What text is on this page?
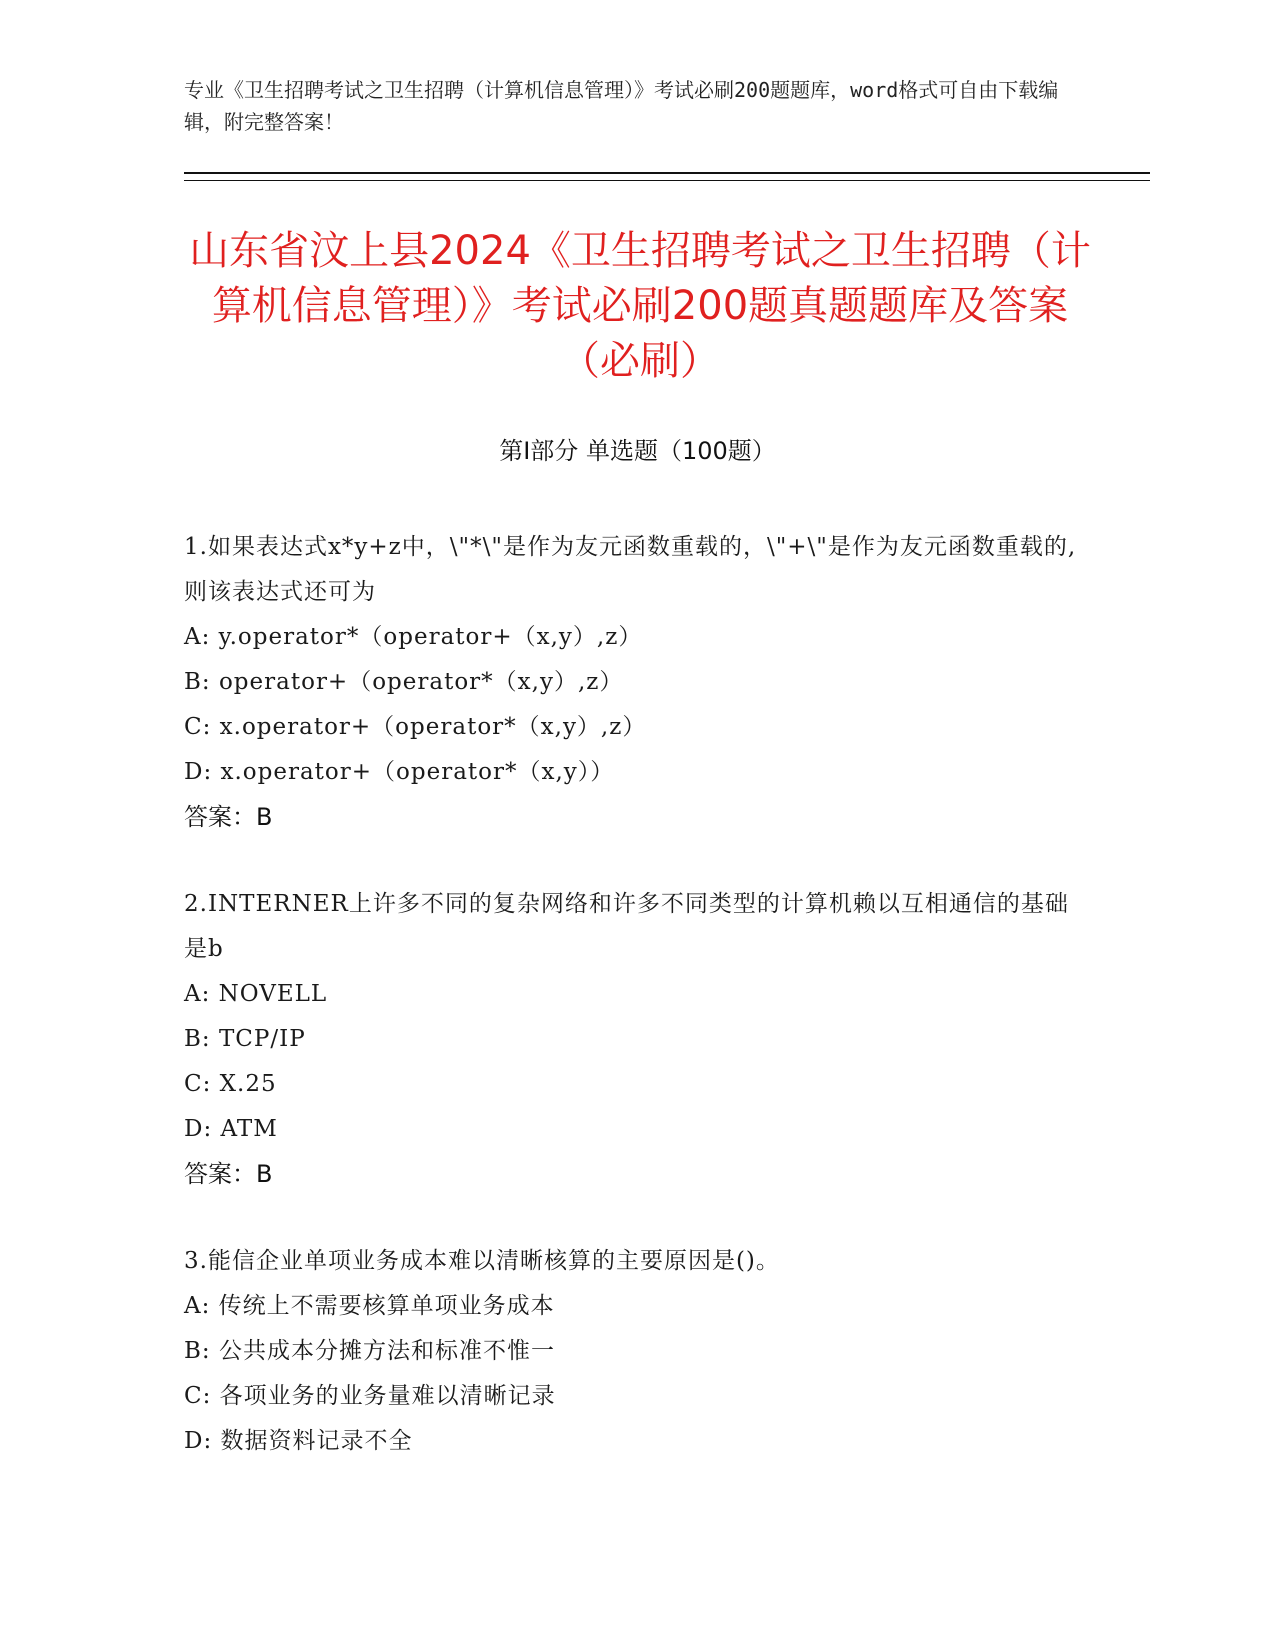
专业《卫生招聘考试之卫生招聘（计算机信息管理）》考试必刷200题题库，word格式可自由下载编辑，附完整答案！
山东省汶上县2024《卫生招聘考试之卫生招聘（计算机信息管理）》考试必刷200题真题题库及答案（必刷）
第Ⅰ部分 单选题（100题）
1.如果表达式x*y+z中，\"*\"是作为友元函数重载的，\"+\"是作为友元函数重载的,则该表达式还可为
A: y.operator*（operator+（x,y）,z）
B: operator+（operator*（x,y）,z）
C: x.operator+（operator*（x,y）,z）
D: x.operator+（operator*（x,y））
答案：B
2.INTERNER上许多不同的复杂网络和许多不同类型的计算机赖以互相通信的基础是b
A: NOVELL
B: TCP/IP
C: X.25
D: ATM
答案：B
3.能信企业单项业务成本难以清晰核算的主要原因是()。
A: 传统上不需要核算单项业务成本
B: 公共成本分摊方法和标准不惟一
C: 各项业务的业务量难以清晰记录
D: 数据资料记录不全
